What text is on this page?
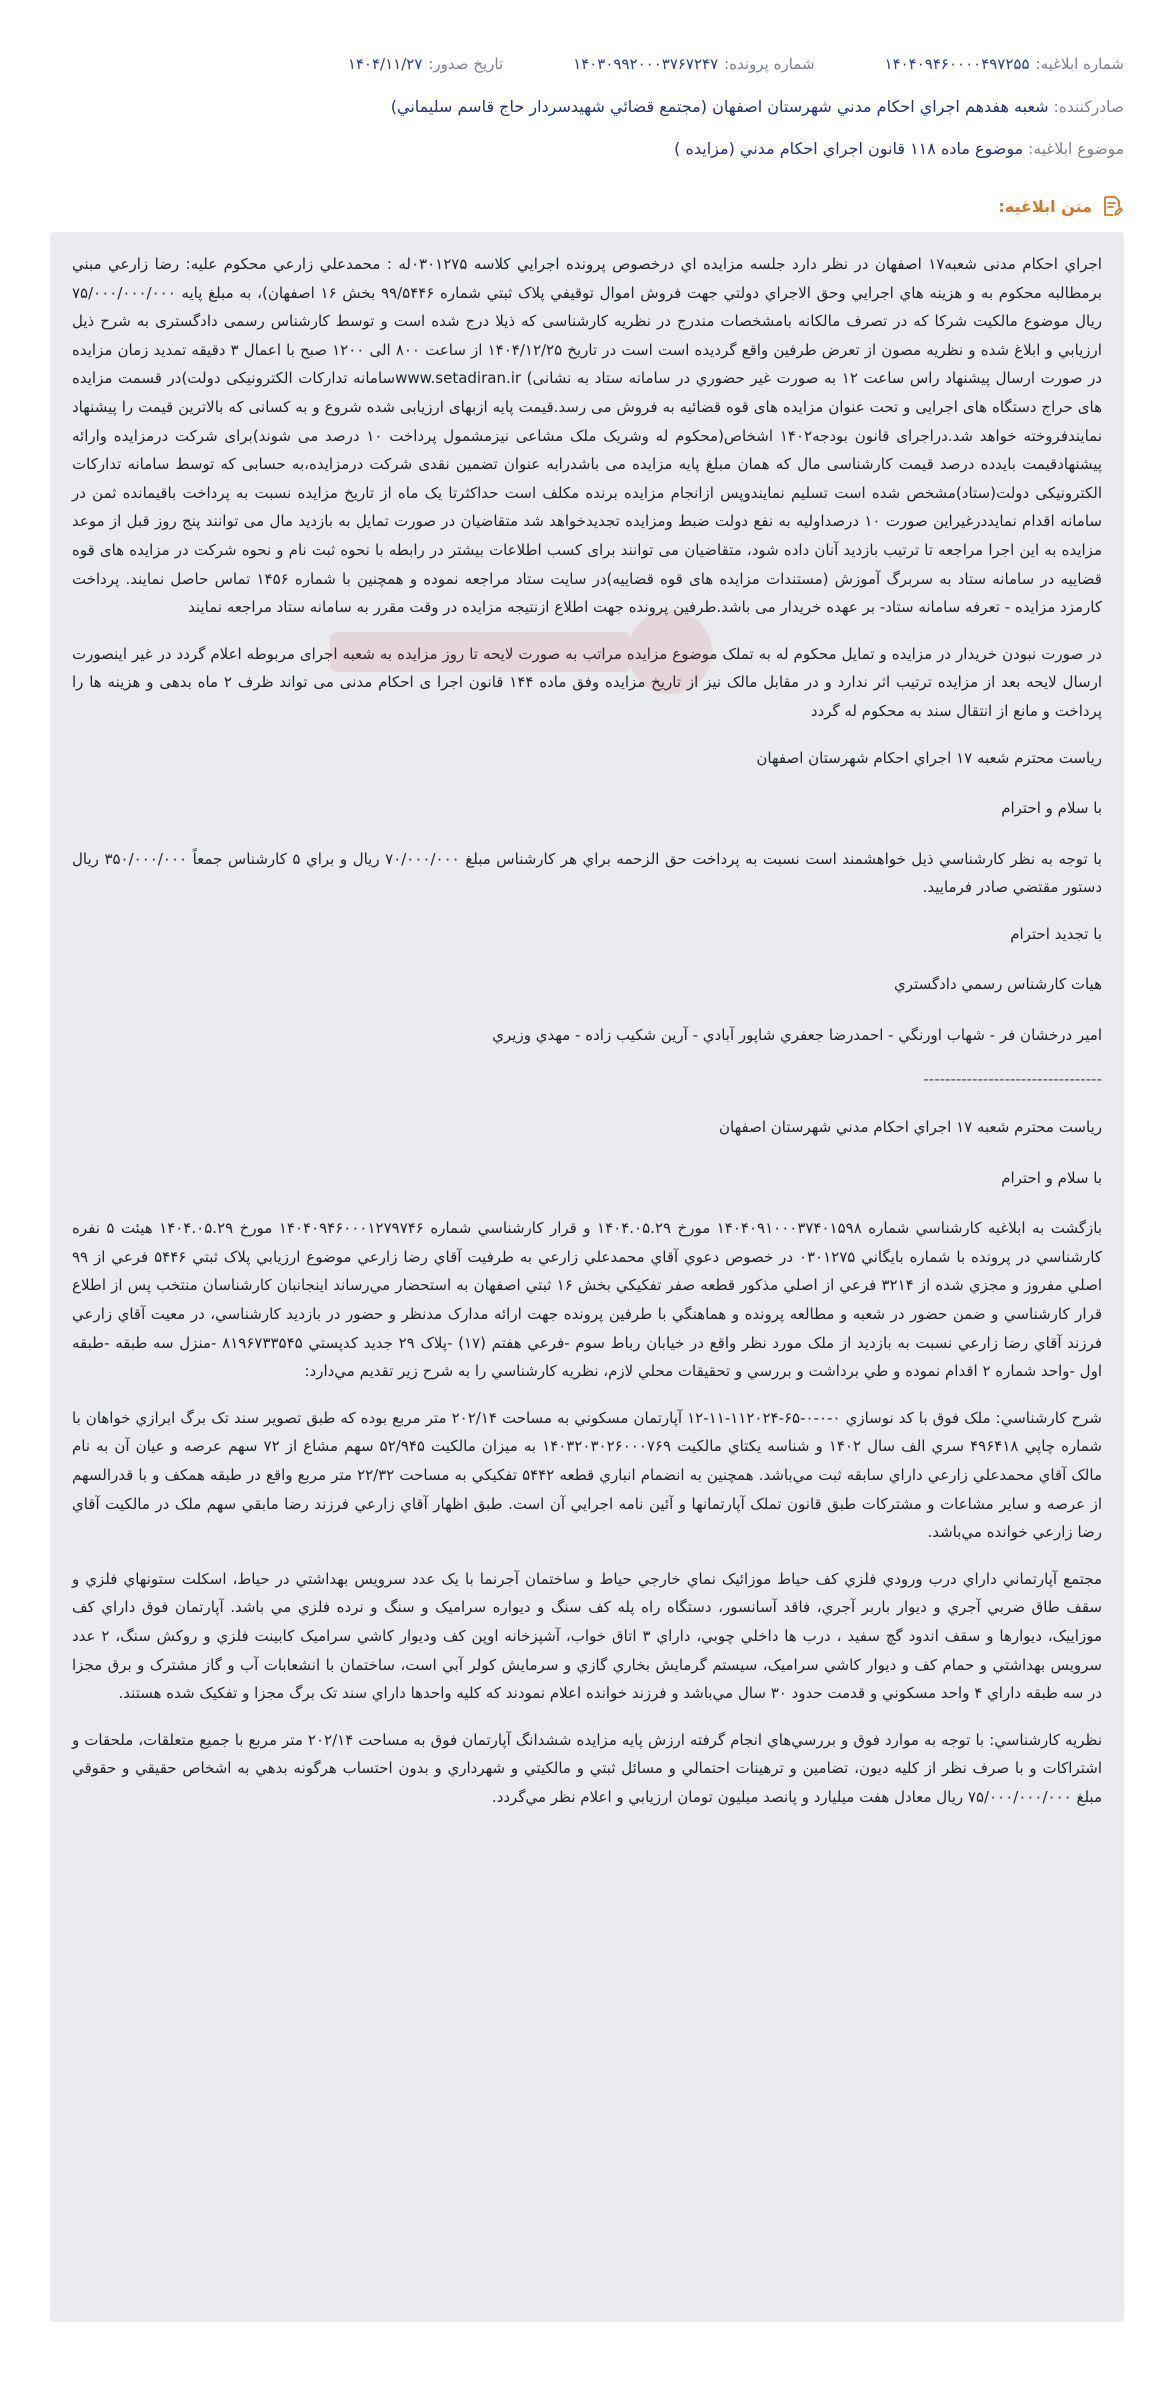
شماره ابلاغيه:
۱۴۰۴۰۹۴۶۰۰۰۰۴۹۷۲۵۵
شماره پرونده:
۱۴۰۳۰۹۹۲۰۰۰۳۷۶۷۲۴۷
تاريخ صدور:
۱۴۰۴/۱۱/۲۷
صادرکننده: شعبه هفدهم اجراي احکام مدني شهرستان اصفهان (مجتمع قضائي شهيدسردار حاج قاسم سليماني)
موضوع ابلاغيه: موضوع ماده ۱۱۸ قانون اجراي احکام مدني (مزايده )
متن ابلاغيه:

اجراي احکام مدنی شعبه۱۷ اصفهان در نظر دارد جلسه مزايده اي درخصوص پرونده اجرايي کلاسه ۰۳۰۱۲۷۵له : محمدعلي زارعي محکوم عليه: رضا زارعي مبني برمطالبه محکوم به و هزينه هاي اجرايي وحق الاجراي دولتي جهت فروش اموال توقيفي پلاک ثبتي شماره ۹۹/۵۴۴۶ بخش ۱۶ اصفهان)، به مبلغ پايه ۷۵/۰۰۰/۰۰۰/۰۰۰ ريال موضوع مالکيت شرکا که در تصرف مالکانه بامشخصات مندرج در نظريه کارشناسی که ذيلا درج شده است و توسط کارشناس رسمی دادگستری به شرح ذيل ارزيابي و ابلاغ شده و نظريه مصون از تعرض طرفين واقع گرديده است است در تاريخ ۱۴۰۴/۱۲/۲۵ از ساعت ۸۰۰ الی ۱۲۰۰ صبح با اعمال ۳ دقيقه تمديد زمان مزايده در صورت ارسال پيشنهاد راس ساعت ۱۲ به صورت غير حضوري در سامانه ستاد به نشانی) www.setadiran.irسامانه تدارکات الکترونيکی دولت)در قسمت مزايده های حراج دستگاه های اجرايی و تحت عنوان مزايده های قوه قضائيه به فروش می رسد.قيمت پايه ازبهای ارزيابی شده شروع و به کسانی که بالاترين قيمت را پيشنهاد نمايندفروخته خواهد شد.دراجرای قانون بودجه۱۴۰۲ اشخاص(محکوم له وشريک ملک مشاعی نيزمشمول پرداخت ۱۰ درصد می شوند)برای شرکت درمزايده وارائه پيشنهادقيمت بايدده درصد قيمت کارشناسی مال که همان مبلغ پايه مزايده می باشدرابه عنوان تضمين نقدی شرکت درمزايده،به حسابی که توسط سامانه تدارکات الکترونيکی دولت(ستاد)مشخص شده است تسليم نمايندوپس ازانجام مزايده برنده مکلف است حداکثرتا يک ماه از تاريخ مزايده نسبت به پرداخت باقيمانده ثمن در سامانه اقدام نمايددرغيراين صورت ۱۰ درصداوليه به نفع دولت ضبط ومزايده تجديدخواهد شد متقاضيان در صورت تمايل به بازديد مال می توانند پنج روز قبل از موعد مزايده به اين اجرا مراجعه تا ترتيب بازديد آنان داده شود، متقاضيان می توانند برای کسب اطلاعات بيشتر در رابطه با نحوه ثبت نام و نحوه شرکت در مزايده های قوه قضاييه در سامانه ستاد به سربرگ آموزش (مستندات مزايده های قوه قضاييه)در سايت ستاد مراجعه نموده و همچنين با شماره ۱۴۵۶ تماس حاصل نمايند. پرداخت کارمزد مزايده - تعرفه سامانه ستاد- بر عهده خريدار می باشد.طرفين پرونده جهت اطلاع ازنتيجه مزايده در وقت مقرر به سامانه ستاد مراجعه نمايند

در صورت نبودن خريدار در مزايده و تمايل محکوم له به تملک موضوع مزايده مراتب به صورت لايحه تا روز مزايده به شعبه اجرای مربوطه اعلام گردد در غير اينصورت ارسال لايحه بعد از مزايده ترتيب اثر ندارد و در مقابل مالک نيز از تاريخ مزايده وفق ماده ۱۴۴ قانون اجرا ی احکام مدنی می تواند ظرف ۲ ماه بدهی و هزينه ها را پرداخت و مانع از انتقال سند به محکوم له گردد

رياست محترم شعبه ۱۷ اجراي احکام شهرستان اصفهان

با سلام و احترام

با توجه به نظر کارشناسي ذيل خواهشمند است نسبت به پرداخت حق الزحمه براي هر کارشناس مبلغ ۷۰/۰۰۰/۰۰۰ ريال و براي ۵ کارشناس جمعاً ۳۵۰/۰۰۰/۰۰۰ ريال دستور مقتضي صادر فرماييد.

با تجديد احترام

هيات کارشناس رسمي دادگستري

امير درخشان فر - شهاب اورنگي - احمدرضا جعفري شاپور آبادي - آرين شکيب زاده - مهدي وزيري

---------------------------------

رياست محترم شعبه ۱۷ اجراي احکام مدني شهرستان اصفهان

با سلام و احترام

بازگشت به ابلاغيه کارشناسي شماره ۱۴۰۴۰۹۱۰۰۰۳۷۴۰۱۵۹۸ مورخ ۱۴۰۴.۰۵.۲۹ و قرار کارشناسي شماره ۱۴۰۴۰۹۴۶۰۰۰۱۲۷۹۷۴۶ مورخ ۱۴۰۴.۰۵.۲۹ هيئت ۵ نفره کارشناسي در پرونده با شماره بايگاني ۰۳۰۱۲۷۵ در خصوص دعوي آقاي محمدعلي زارعي به طرفيت آقاي رضا زارعي موضوع ارزيابي پلاک ثبتي ۵۴۴۶ فرعي از ۹۹ اصلي مفروز و مجزي شده از ۳۲۱۴ فرعي از اصلي مذکور قطعه صفر تفکيکي بخش ۱۶ ثبتي اصفهان به استحضار مي‌رساند اينجانبان کارشناسان منتخب پس از اطلاع قرار کارشناسي و ضمن حضور در شعبه و مطالعه پرونده و هماهنگي با طرفين پرونده جهت ارائه مدارک مدنظر و حضور در بازديد کارشناسي، در معيت آقاي زارعي فرزند آقاي رضا زارعي نسبت به بازديد از ملک مورد نظر واقع در خيابان رباط سوم -فرعي هفتم (۱۷) -پلاک ۲۹ جديد کدپستي ۸۱۹۶۷۳۳۵۴۵ -منزل سه طبقه -طبقه اول -واحد شماره ۲ اقدام نموده و طي برداشت و بررسي و تحقيقات محلي لازم، نظريه کارشناسي را به شرح زير تقديم مي‌دارد:

شرح کارشناسي: ملک فوق با کد نوسازي ۰-۰-۰-۶۵-۱۱۲۰۲۴-۱۱-۱۲ آپارتمان مسکوني به مساحت ۲۰۲/۱۴ متر مربع بوده که طبق تصوير سند تک برگ ابرازي خواهان با شماره چاپي ۴۹۶۴۱۸ سري الف سال ۱۴۰۲ و شناسه يکتاي مالکيت ۱۴۰۳۲۰۳۰۲۶۰۰۰۷۶۹ به ميزان مالکيت ۵۲/۹۴۵ سهم مشاع از ۷۲ سهم عرصه و عيان آن به نام مالک آقاي محمدعلي زارعي داراي سابقه ثبت مي‌باشد. همچنين به انضمام انباري قطعه ۵۴۴۲ تفکيکي به مساحت ۲۲/۳۲ متر مربع واقع در طبقه همکف و با قدرالسهم از عرصه و ساير مشاعات و مشترکات طبق قانون تملک آپارتمانها و آئين نامه اجرايي آن است. طبق اظهار آقاي زارعي فرزند رضا مابقي سهم ملک در مالکيت آقاي رضا زارعي خوانده مي‌باشد.

مجتمع آپارتماني داراي درب ورودي فلزي کف حياط موزائيک نماي خارجي حياط و ساختمان آجرنما با يک عدد سرويس بهداشتي در حياط، اسکلت ستونهاي فلزي و سقف طاق ضربي آجري و ديوار باربر آجري، فاقد آسانسور، دستگاه راه پله کف سنگ و ديواره سراميک و سنگ و نرده فلزي مي باشد. آپارتمان فوق داراي کف موزاييک، ديوارها و سقف اندود گچ سفيد ، درب ها داخلي چوبي، داراي ۳ اتاق خواب، آشپزخانه اوپن کف وديوار کاشي سراميک کابينت فلزي و روکش سنگ، ۲ عدد سرويس بهداشتي و حمام کف و ديوار کاشي سراميک، سيستم گرمايش بخاري گازي و سرمايش کولر آبي است، ساختمان با انشعابات آب و گاز مشترک و برق مجزا در سه طبقه داراي ۴ واحد مسکوني و قدمت حدود ۳۰ سال مي‌باشد و فرزند خوانده اعلام نمودند که کليه واحدها داراي سند تک برگ مجزا و تفکيک شده هستند.

نظريه کارشناسي: با توجه به موارد فوق و بررسي‌هاي انجام گرفته ارزش پايه مزايده ششدانگ آپارتمان فوق به مساحت ۲۰۲/۱۴ متر مربع با جميع متعلقات، ملحقات و اشتراکات و با صرف نظر از کليه ديون، تضامين و ترهينات احتمالي و مسائل ثبتي و مالکيتي و شهرداري و بدون احتساب هرگونه بدهي به اشخاص حقيقي و حقوقي مبلغ ۷۵/۰۰۰/۰۰۰/۰۰۰ ريال معادل هفت ميليارد و پانصد ميليون تومان ارزيابي و اعلام نظر مي‌گردد.
